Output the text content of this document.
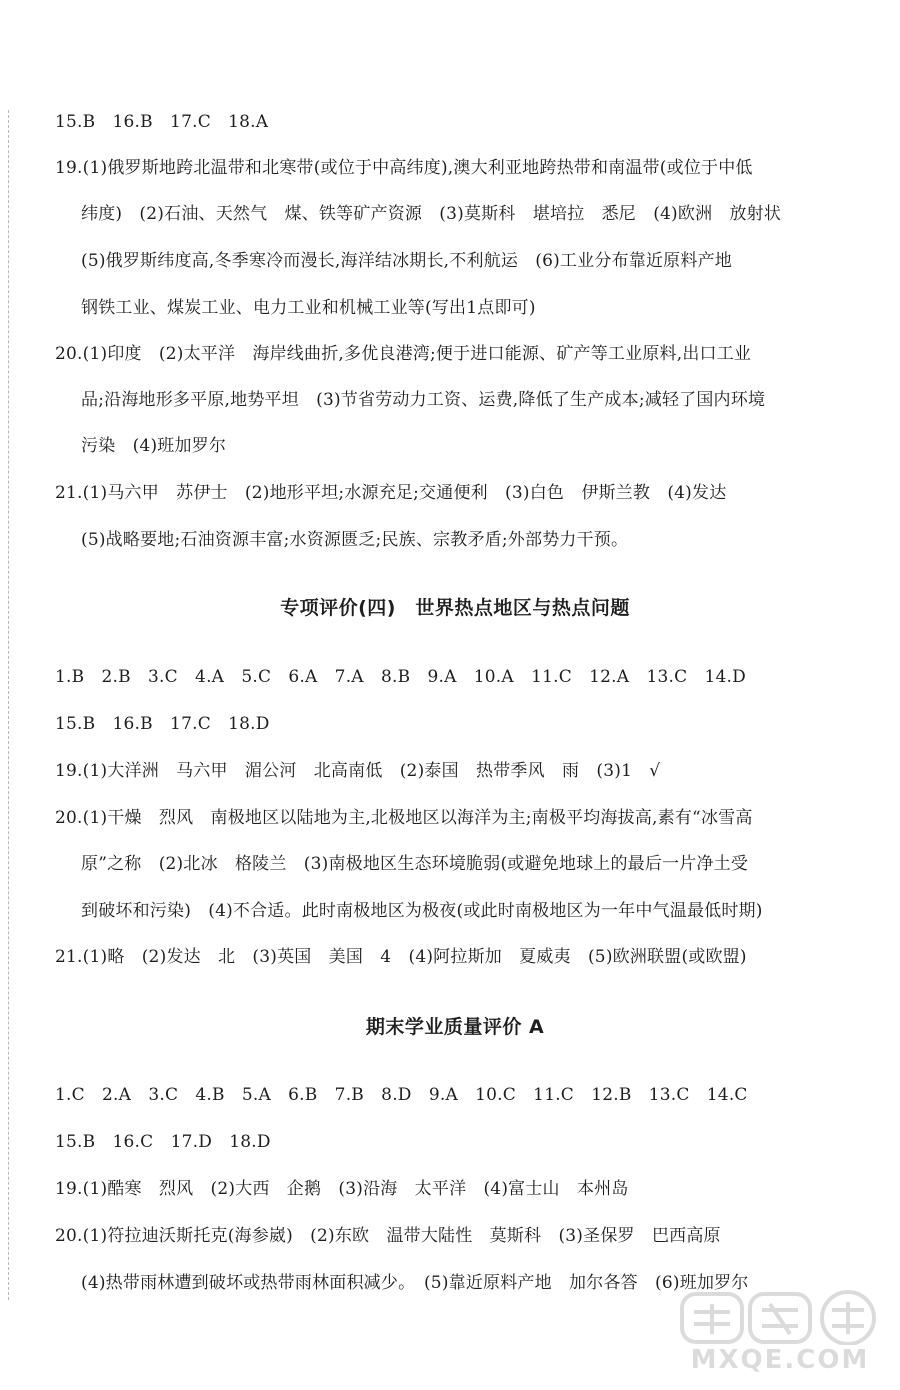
15.B　16.B　17.C　18.A
19.(1)俄罗斯地跨北温带和北寒带(或位于中高纬度),澳大利亚地跨热带和南温带(或位于中低
纬度)　(2)石油、天然气　煤、铁等矿产资源　(3)莫斯科　堪培拉　悉尼　(4)欧洲　放射状
(5)俄罗斯纬度高,冬季寒冷而漫长,海洋结冰期长,不利航运　(6)工业分布靠近原料产地
钢铁工业、煤炭工业、电力工业和机械工业等(写出1点即可)
20.(1)印度　(2)太平洋　海岸线曲折,多优良港湾;便于进口能源、矿产等工业原料,出口工业
品;沿海地形多平原,地势平坦　(3)节省劳动力工资、运费,降低了生产成本;减轻了国内环境
污染　(4)班加罗尔
21.(1)马六甲　苏伊士　(2)地形平坦;水源充足;交通便利　(3)白色　伊斯兰教　(4)发达
(5)战略要地;石油资源丰富;水资源匮乏;民族、宗教矛盾;外部势力干预。
专项评价(四)　世界热点地区与热点问题
1.B　2.B　3.C　4.A　5.C　6.A　7.A　8.B　9.A　10.A　11.C　12.A　13.C　14.D
15.B　16.B　17.C　18.D
19.(1)大洋洲　马六甲　湄公河　北高南低　(2)泰国　热带季风　雨　(3)1　√
20.(1)干燥　烈风　南极地区以陆地为主,北极地区以海洋为主;南极平均海拔高,素有“冰雪高
原”之称　(2)北冰　格陵兰　(3)南极地区生态环境脆弱(或避免地球上的最后一片净土受
到破坏和污染)　(4)不合适。此时南极地区为极夜(或此时南极地区为一年中气温最低时期)
21.(1)略　(2)发达　北　(3)英国　美国　4　(4)阿拉斯加　夏威夷　(5)欧洲联盟(或欧盟)
期末学业质量评价 A
1.C　2.A　3.C　4.B　5.A　6.B　7.B　8.D　9.A　10.C　11.C　12.B　13.C　14.C
15.B　16.C　17.D　18.D
19.(1)酷寒　烈风　(2)大西　企鹅　(3)沿海　太平洋　(4)富士山　本州岛
20.(1)符拉迪沃斯托克(海参崴)　(2)东欧　温带大陆性　莫斯科　(3)圣保罗　巴西高原
(4)热带雨林遭到破坏或热带雨林面积减少。　(5)靠近原料产地　加尔各答　(6)班加罗尔
MXQE.COM
